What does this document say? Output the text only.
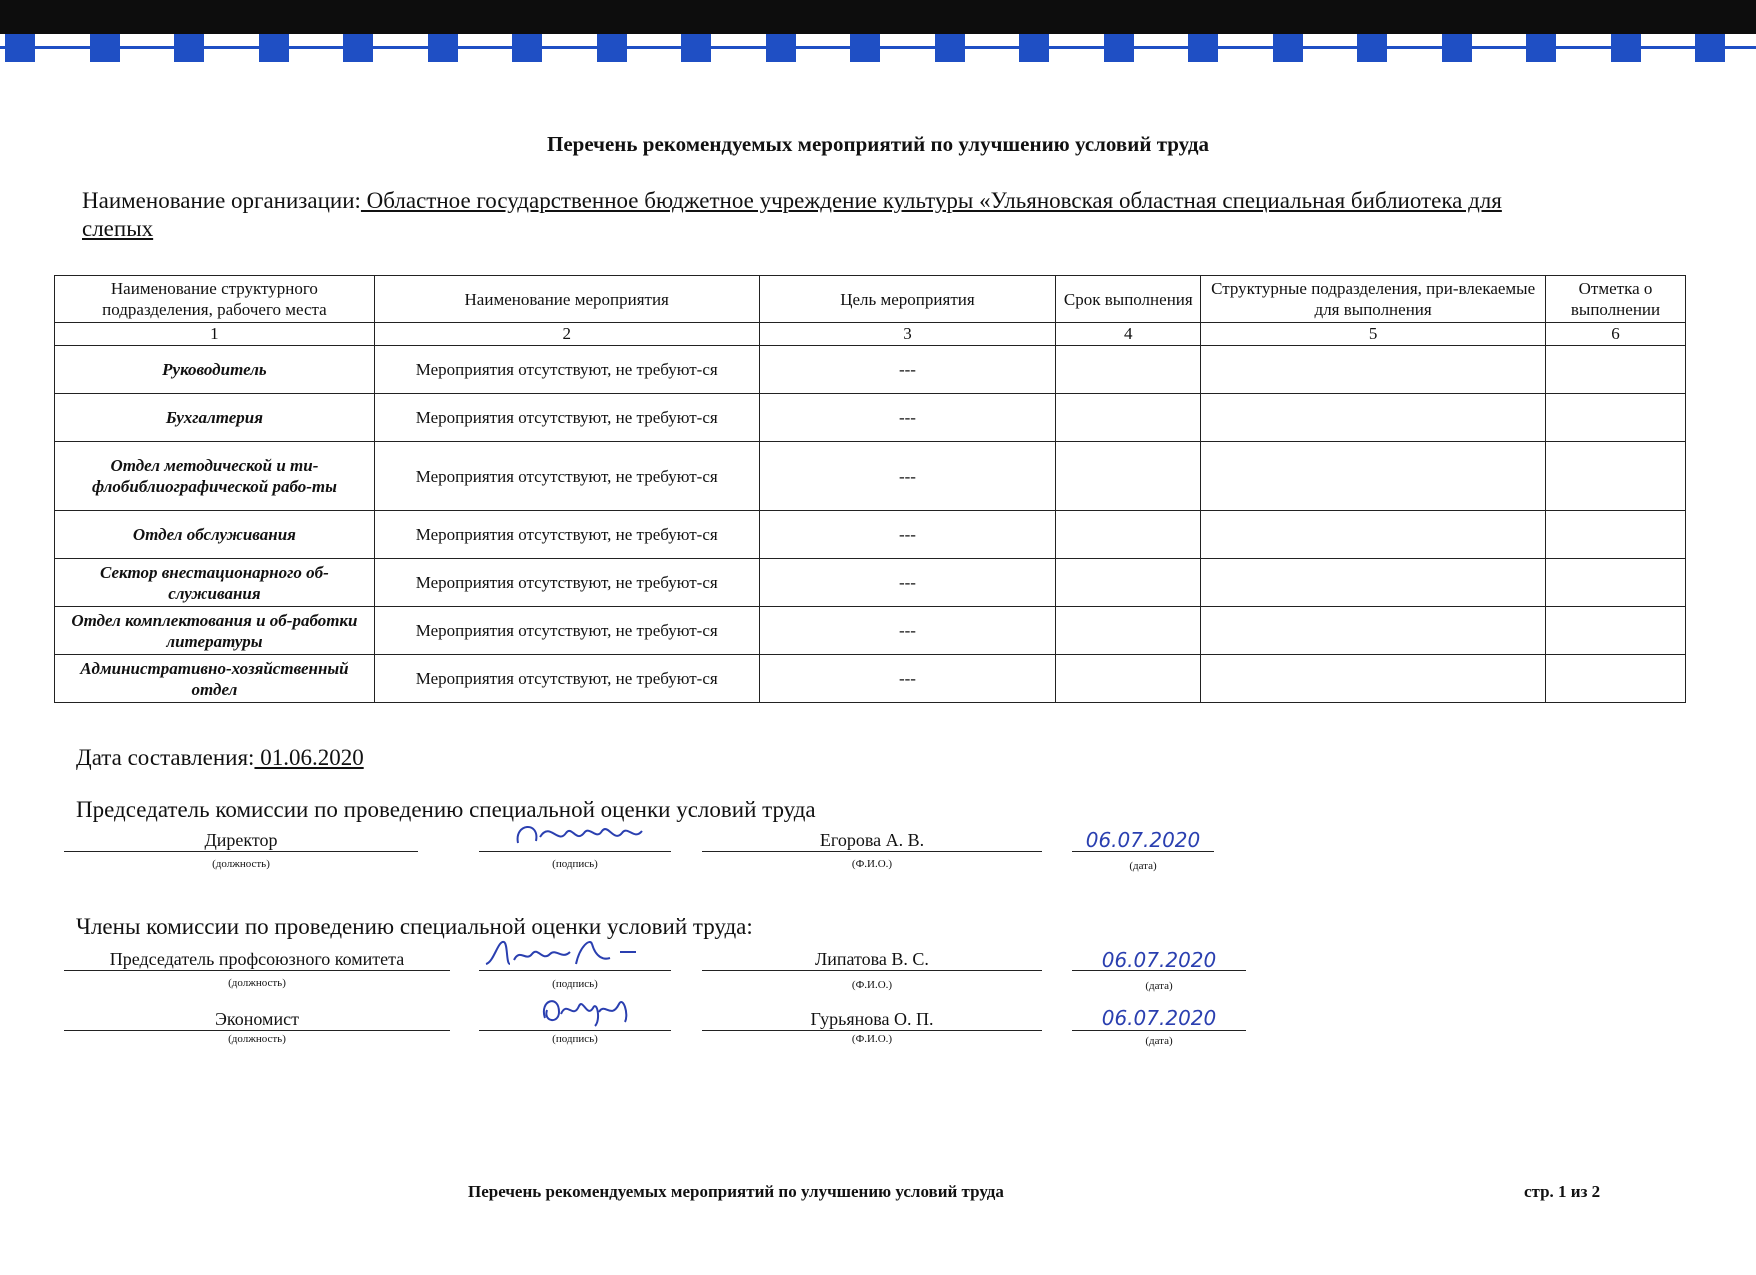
Перечень рекомендуемых мероприятий по улучшению условий труда
Наименование организации: Областное государственное бюджетное учреждение культуры «Ульяновская областная специальная библиотека для
слепых
Наименование структурного подразделения, рабочего места	Наименование мероприятия	Цель мероприятия	Срок выполнения	Структурные подразделения, при-влекаемые для выполнения	Отметка о выполнении
1	2	3	4	5	6
Руководитель	Мероприятия отсутствуют, не требуют-ся	---			
Бухгалтерия	Мероприятия отсутствуют, не требуют-ся	---			
Отдел методической и ти-флобиблиографической рабо-ты	Мероприятия отсутствуют, не требуют-ся	---			
Отдел обслуживания	Мероприятия отсутствуют, не требуют-ся	---			
Сектор внестационарного об-служивания	Мероприятия отсутствуют, не требуют-ся	---			
Отдел комплектования и об-работки литературы	Мероприятия отсутствуют, не требуют-ся	---			
Административно-хозяйственный отдел	Мероприятия отсутствуют, не требуют-ся	---			
Дата составления: 01.06.2020
Председатель комиссии по проведению специальной оценки условий труда
Директор	Егорова А. В.	06.07.2020
(должность)	(подпись)	(Ф.И.О.)	(дата)
Члены комиссии по проведению специальной оценки условий труда:
Председатель профсоюзного комитета	Липатова В. С.	06.07.2020
(должность)	(подпись)	(Ф.И.О.)	(дата)
Экономист	Гурьянова О. П.	06.07.2020
(должность)	(подпись)	(Ф.И.О.)	(дата)
Перечень рекомендуемых мероприятий по улучшению условий труда	стр. 1 из 2
